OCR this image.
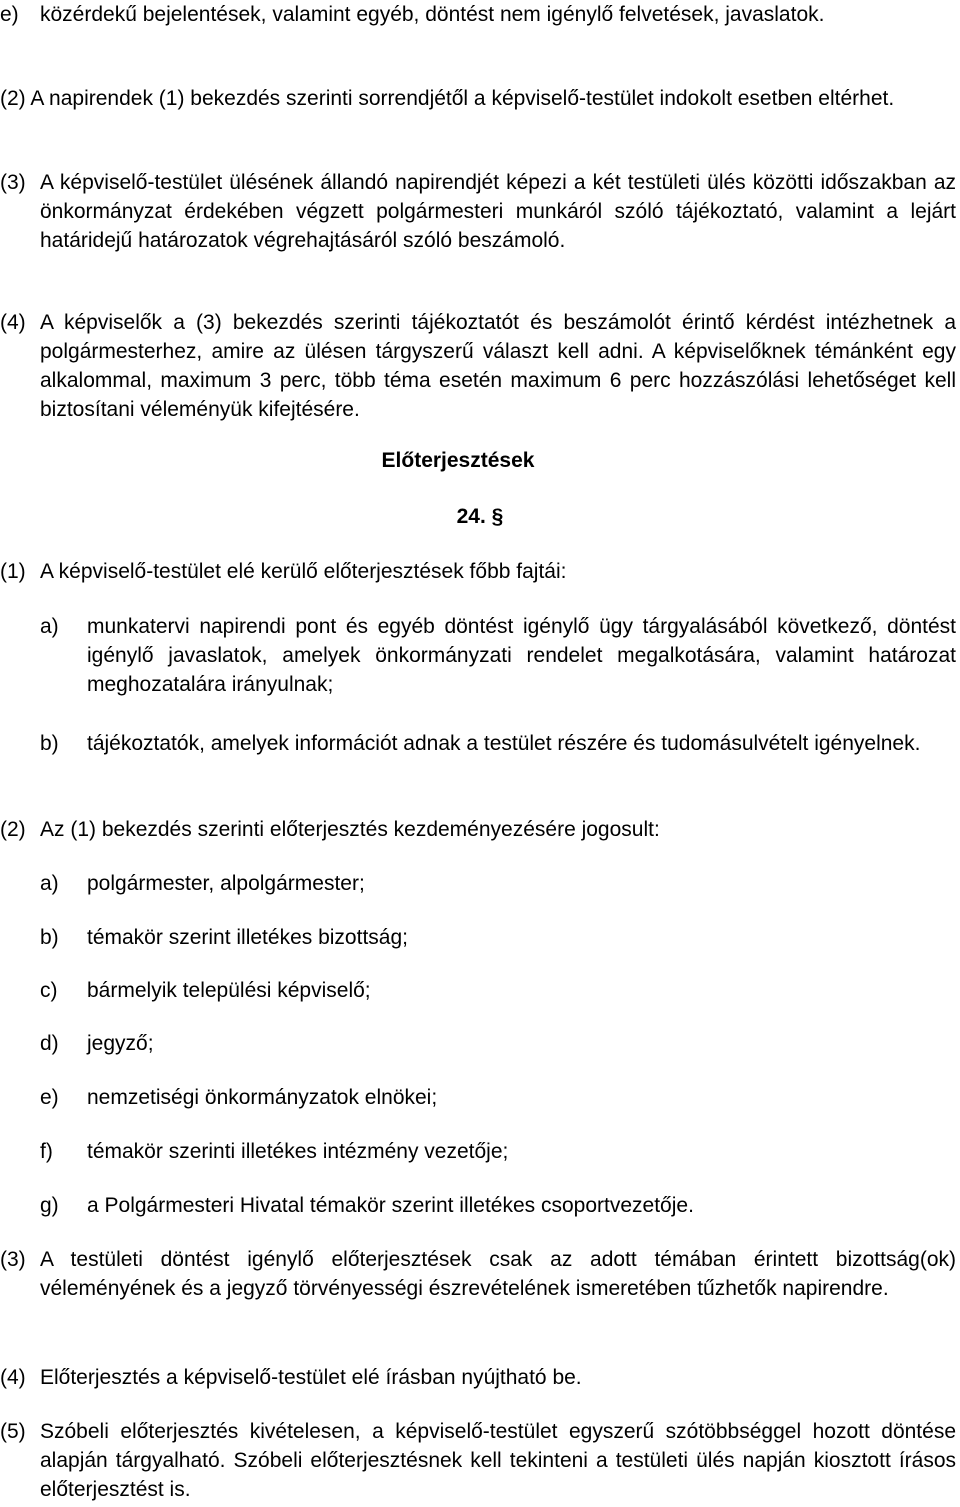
e)	közérdekű bejelentések, valamint egyéb, döntést nem igénylő felvetések, javaslatok.
(2) A napirendek (1) bekezdés szerinti sorrendjétől a képviselő-testület indokolt esetben eltérhet.
(3) A képviselő-testület ülésének állandó napirendjét képezi a két testületi ülés közötti időszakban az önkormányzat érdekében végzett polgármesteri munkáról szóló tájékoztató, valamint a lejárt határidejű határozatok végrehajtásáról szóló beszámoló.
(4) A képviselők a (3) bekezdés szerinti tájékoztatót és beszámolót érintő kérdést intézhetnek a polgármesterhez, amire az ülésen tárgyszerű választ kell adni. A képviselőknek témánként egy alkalommal, maximum 3 perc, több téma esetén maximum 6 perc hozzászólási lehetőséget kell biztosítani véleményük kifejtésére.
Előterjesztések
24. §
(1) A képviselő-testület elé kerülő előterjesztések főbb fajtái:
a)	munkatervi napirendi pont és egyéb döntést igénylő ügy tárgyalásából következő, döntést igénylő javaslatok, amelyek önkormányzati rendelet megalkotására, valamint határozat meghozatalára irányulnak;
b)	tájékoztatók, amelyek információt adnak a testület részére és tudomásulvételt igényelnek.
(2) Az (1) bekezdés szerinti előterjesztés kezdeményezésére jogosult:
a)	polgármester, alpolgármester;
b)	témakör szerint illetékes bizottság;
c)	bármelyik települési képviselő;
d)	jegyző;
e)	nemzetiségi önkormányzatok elnökei;
f)	témakör szerinti illetékes intézmény vezetője;
g)	a Polgármesteri Hivatal témakör szerint illetékes csoportvezetője.
(3) A testületi döntést igénylő előterjesztések csak az adott témában érintett bizottság(ok) véleményének és a jegyző törvényességi észrevételének ismeretében tűzhetők napirendre.
(4) Előterjesztés a képviselő-testület elé írásban nyújtható be.
(5) Szóbeli előterjesztés kivételesen, a képviselő-testület egyszerű szótöbbséggel hozott döntése alapján tárgyalható. Szóbeli előterjesztésnek kell tekinteni a testületi ülés napján kiosztott írásos előterjesztést is.
